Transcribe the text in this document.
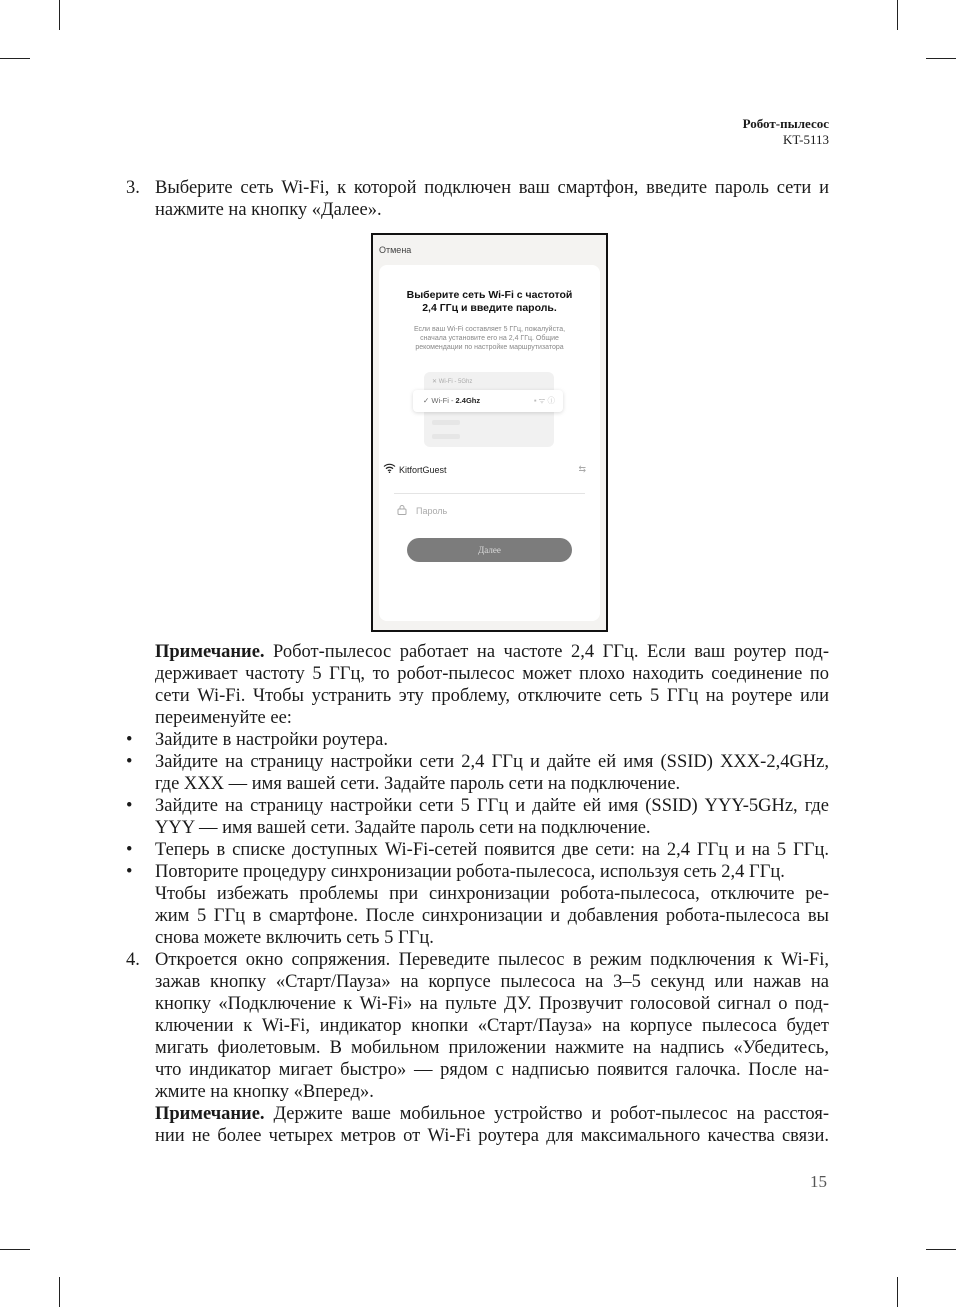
Робот-пылесос
KT-5113
3. Выберите сеть Wi-Fi, к которой подключен ваш смартфон, введите пароль сети и
нажмите на кнопку «Далее».
Отмена
Выберите сеть Wi-Fi с частотой
2,4 ГГц и введите пароль.
Если ваш Wi-Fi составляет 5 ГГц, пожалуйста,
сначала установите его на 2,4 ГГц. Общие
рекомендации по настройке маршрутизатора
✕ Wi-Fi - 5Ghz
✓ Wi-Fi - 2.4Ghz	▪ ᯤ ⓘ
KitfortGuest	⇆
Пароль
Далее
Примечание. Робот-пылесос работает на частоте 2,4 ГГц. Если ваш роутер под-
держивает частоту 5 ГГц, то робот-пылесос может плохо находить соединение по
сети Wi-Fi. Чтобы устранить эту проблему, отключите сеть 5 ГГц на роутере или
переименуйте ее:
• Зайдите в настройки роутера.
• Зайдите на страницу настройки сети 2,4 ГГц и дайте ей имя (SSID) XXX-2,4GHz,
где XXX — имя вашей сети. Задайте пароль сети на подключение.
• Зайдите на страницу настройки сети 5 ГГц и дайте ей имя (SSID) YYY-5GHz, где
YYY — имя вашей сети. Задайте пароль сети на подключение.
• Теперь в списке доступных Wi-Fi-сетей появится две сети: на 2,4 ГГц и на 5 ГГц.
• Повторите процедуру синхронизации робота-пылесоса, используя сеть 2,4 ГГц.
Чтобы избежать проблемы при синхронизации робота-пылесоса, отключите ре-
жим 5 ГГц в смартфоне. После синхронизации и добавления робота-пылесоса вы
снова можете включить сеть 5 ГГц.
4. Откроется окно сопряжения. Переведите пылесос в режим подключения к Wi-Fi,
зажав кнопку «Старт/Пауза» на корпусе пылесоса на 3–5 секунд или нажав на
кнопку «Подключение к Wi-Fi» на пульте ДУ. Прозвучит голосовой сигнал о под-
ключении к Wi-Fi, индикатор кнопки «Старт/Пауза» на корпусе пылесоса будет
мигать фиолетовым. В мобильном приложении нажмите на надпись «Убедитесь,
что индикатор мигает быстро» — рядом с надписью появится галочка. После на-
жмите на кнопку «Вперед».
Примечание. Держите ваше мобильное устройство и робот-пылесос на расстоя-
нии не более четырех метров от Wi-Fi роутера для максимального качества связи.
15
